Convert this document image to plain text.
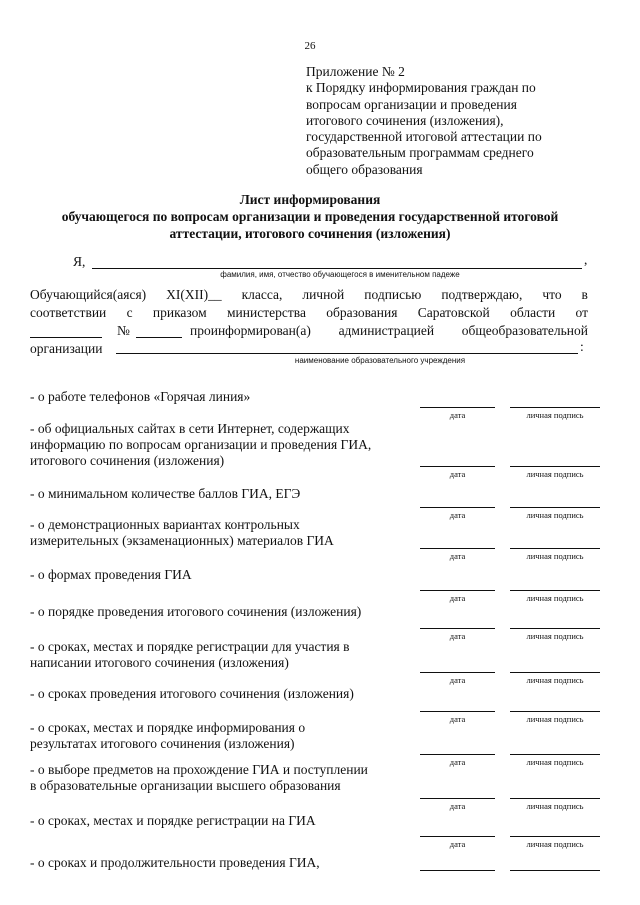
26
Приложение № 2
к Порядку информирования граждан по
вопросам организации и проведения
итогового сочинения (изложения),
государственной итоговой аттестации по
образовательным программам среднего
общего образования
Лист информирования
обучающегося по вопросам организации и проведения государственной итоговой
аттестации, итогового сочинения (изложения)
Я,	,
фамилия, имя, отчество обучающегося в именительном падеже
Обучающийся(аяся) XI(XII)__ класса, личной подписью подтверждаю, что в
соответствии с приказом министерства образования Саратовской области от
№	проинформирован(а) администрацией общеобразовательной
организации	:
наименование образовательного учреждения
- о работе телефонов «Горячая линия»
дата	личная подпись
- об официальных сайтах в сети Интернет, содержащих
информацию по вопросам организации и проведения ГИА,
итогового сочинения (изложения)
дата	личная подпись
- о минимальном количестве баллов ГИА, ЕГЭ
дата	личная подпись
- о демонстрационных вариантах контрольных
измерительных (экзаменационных) материалов ГИА
дата	личная подпись
- о формах проведения ГИА
дата	личная подпись
- о порядке проведения итогового сочинения (изложения)
дата	личная подпись
- о сроках, местах и порядке регистрации для участия в
написании итогового сочинения (изложения)
дата	личная подпись
- о сроках проведения итогового сочинения (изложения)
дата	личная подпись
- о сроках, местах и порядке информирования о
результатах итогового сочинения (изложения)
дата	личная подпись
- о выборе предметов на прохождение ГИА и поступлении
в образовательные организации высшего образования
дата	личная подпись
- о сроках, местах и порядке регистрации на ГИА
дата	личная подпись
- о сроках и продолжительности проведения ГИА,
